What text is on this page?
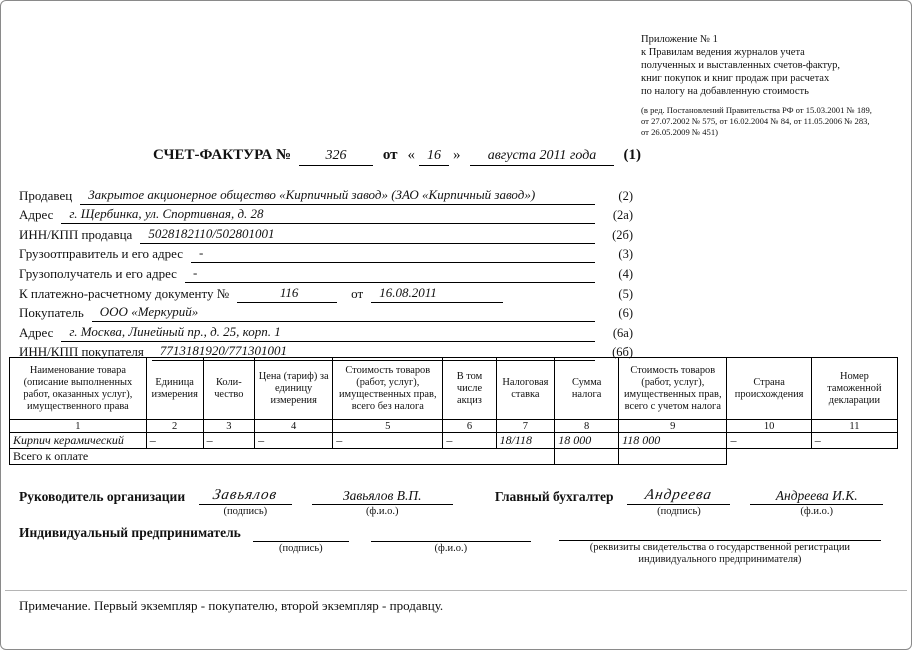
Приложение № 1
к Правилам ведения журналов учета
полученных и выставленных счетов-фактур,
книг покупок и книг продаж при расчетах
по налогу на добавленную стоимость
(в ред. Постановлений Правительства РФ от 15.03.2001 № 189,
от 27.07.2002 № 575, от 16.02.2004 № 84, от 11.05.2006 № 283,
от 26.05.2009 № 451)
СЧЕТ-ФАКТУРА №	326	от « 16 »	августа 2011 года	(1)
Продавец	Закрытое акционерное общество «Кирпичный завод» (ЗАО «Кирпичный завод»)	(2)
Адрес	г. Щербинка, ул. Спортивная, д. 28	(2а)
ИНН/КПП продавца	5028182110/502801001	(2б)
Грузоотправитель и его адрес	-	(3)
Грузополучатель и его адрес	-	(4)
К платежно-расчетному документу №	116	от	16.08.2011	(5)
Покупатель	ООО «Меркурий»	(6)
Адрес	г. Москва, Линейный пр., д. 25, корп. 1	(6а)
ИНН/КПП покупателя	7713181920/771301001	(6б)
Наименование товара (описание выполненных работ, оказанных услуг), имущественного права	Единица измерения	Коли-чество	Цена (тариф) за единицу измерения	Стоимость товаров (работ, услуг), имущественных прав, всего без налога	В том числе акциз	Налоговая ставка	Сумма налога	Стоимость товаров (работ, услуг), имущественных прав, всего с учетом налога	Страна происхождения	Номер таможенной декларации
1	2	3	4	5	6	7	8	9	10	11
Кирпич керамический	–	–	–	–	–	18/118	18 000	118 000	–	–
Всего к оплате										
Руководитель организации Завьялов
(подпись)
Завьялов В.П.
(ф.и.о.)
Главный бухгалтер Андреева
(подпись)
Андреева И.К.
(ф.и.о.)
Индивидуальный предприниматель
(подпись)	(ф.и.о.)	(реквизиты свидетельства о государственной регистрации индивидуального предпринимателя)
Примечание. Первый экземпляр - покупателю, второй экземпляр - продавцу.
